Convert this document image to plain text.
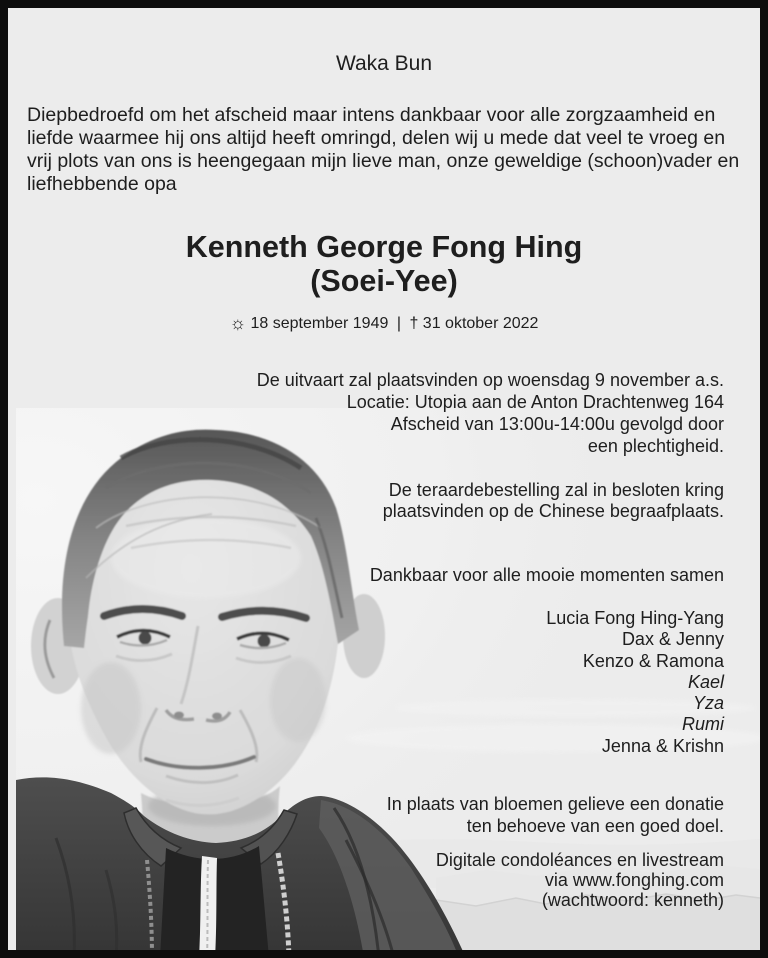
Waka Bun
Diepbedroefd om het afscheid maar intens dankbaar voor alle zorgzaamheid en
liefde waarmee hij ons altijd heeft omringd, delen wij u mede dat veel te vroeg en
vrij plots van ons is heengegaan mijn lieve man, onze geweldige (schoon)vader en
liefhebbende opa
Kenneth George Fong Hing
(Soei-Yee)
☼ 18 september 1949 | † 31 oktober 2022
De uitvaart zal plaatsvinden op woensdag 9 november a.s.
Locatie: Utopia aan de Anton Drachtenweg 164
Afscheid van 13:00u-14:00u gevolgd door
een plechtigheid.
De teraardebestelling zal in besloten kring
plaatsvinden op de Chinese begraafplaats.
Dankbaar voor alle mooie momenten samen
Lucia Fong Hing-Yang
Dax & Jenny
Kenzo & Ramona
Kael
Yza
Rumi
Jenna & Krishn
In plaats van bloemen gelieve een donatie
ten behoeve van een goed doel.
Digitale condoléances en livestream
via www.fonghing.com
(wachtwoord: kenneth)
